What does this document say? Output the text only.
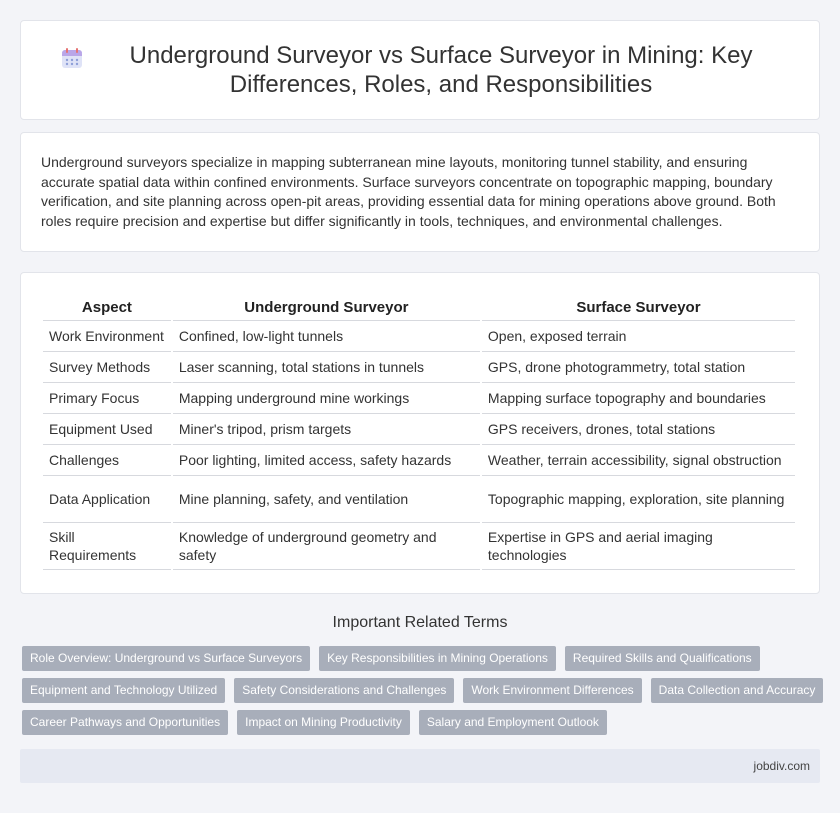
Underground Surveyor vs Surface Surveyor in Mining: Key Differences, Roles, and Responsibilities

Underground surveyors specialize in mapping subterranean mine layouts, monitoring tunnel stability, and ensuring accurate spatial data within confined environments. Surface surveyors concentrate on topographic mapping, boundary verification, and site planning across open-pit areas, providing essential data for mining operations above ground. Both roles require precision and expertise but differ significantly in tools, techniques, and environmental challenges.

Aspect	Underground Surveyor	Surface Surveyor
Work Environment	Confined, low-light tunnels	Open, exposed terrain
Survey Methods	Laser scanning, total stations in tunnels	GPS, drone photogrammetry, total station
Primary Focus	Mapping underground mine workings	Mapping surface topography and boundaries
Equipment Used	Miner's tripod, prism targets	GPS receivers, drones, total stations
Challenges	Poor lighting, limited access, safety hazards	Weather, terrain accessibility, signal obstruction
Data Application	Mine planning, safety, and ventilation	Topographic mapping, exploration, site planning
Skill Requirements	Knowledge of underground geometry and safety	Expertise in GPS and aerial imaging technologies
Important Related Terms
Role Overview: Underground vs Surface Surveyors	Key Responsibilities in Mining Operations	Required Skills and Qualifications
Equipment and Technology Utilized	Safety Considerations and Challenges	Work Environment Differences	Data Collection and Accuracy
Career Pathways and Opportunities	Impact on Mining Productivity	Salary and Employment Outlook
jobdiv.com
